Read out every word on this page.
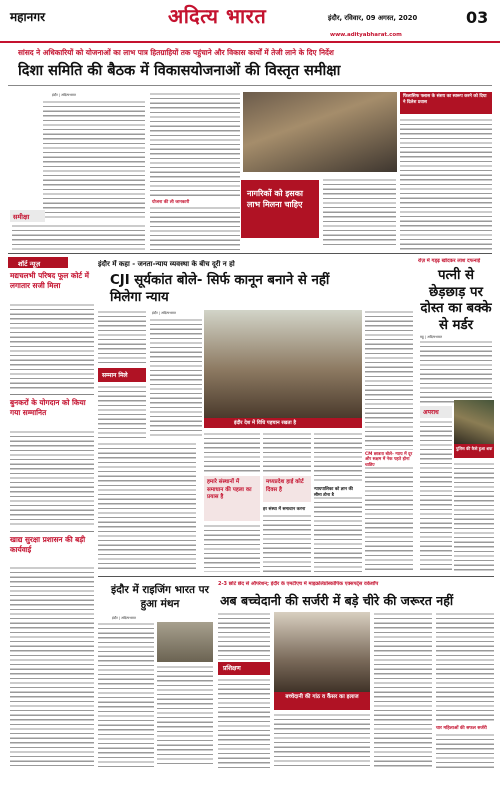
महानगर	अदित्य भारत	इंदौर, रविवार, 09 अगस्त, 2020	03
www.adityabharat.com
सांसद ने अधिकारियों को योजनाओं का लाभ पात्र हितग्राहियों तक पहुंचाने और विकास कार्यों में तेजी लाने के दिए निर्देश
दिशा समिति की बैठक में विकासयोजनाओं की विस्तृत समीक्षा
इंदौर | अदित्यभारत
समीक्षा
योजना की ली जानकारी
नागरिकों को इसका लाभ मिलना चाहिए
फिलासिफ फ्लास के संशय का स्वरूप करने को दिया ने दिलेश प्रवास
शॉर्ट न्यूज़
मद्यचलभी परिषद फूल कोर्ट में लगातार सजी मिला
बुनकरों के योगदान को किया गया सम्मानित
खाद्य सुरक्षा प्रशासन की बड़ी कार्यवाई
इंदौर में कहा - जनता-न्याय व्यवस्था के बीच दूरी न हो
CJI सूर्यकांत बोले- सिर्फ कानून बनाने से नहीं मिलेगा न्याय
इंदौर | अदित्यभारत
सम्मान मिले
इंदौर देश में विधि पहचान रखता है
हमारे संस्थानों में समाधान की पहला का प्रयास है
मध्यप्रदेश हाई कोर्ट दिवस है
हर संस्था में समाधान करना
न्यायपालिका को ज्ञान की
CM छात्रता बोले- न्याय में दूर और सक्षम में नेक पहते होना
रोज़ में गड्ढ़ खोदकर लाश दफनाई
पत्नी से छेड़छाड़ पर दोस्त का बक्के से मर्डर
महू | अदित्यभारत
अपराध
पुलिस की कैसे हुआ शक
इंदौर में राइजिंग भारत पर हुआ मंथन
इंदौर | अदित्यभारत
2-3 छोटे छेद से ऑपरेशन; इंदौर के एमटीएच में माइक्रोलेप्रोस्कोपिक एक्सपर्ट्स वर्कशॉप
अब बच्चेदानी की सर्जरी में बड़े चीरे की जरूरत नहीं
प्रशिक्षण
बच्चेदानी की गांठ व कैंसर का इलाज
चार महिलाओं की सफल सर्जरी
